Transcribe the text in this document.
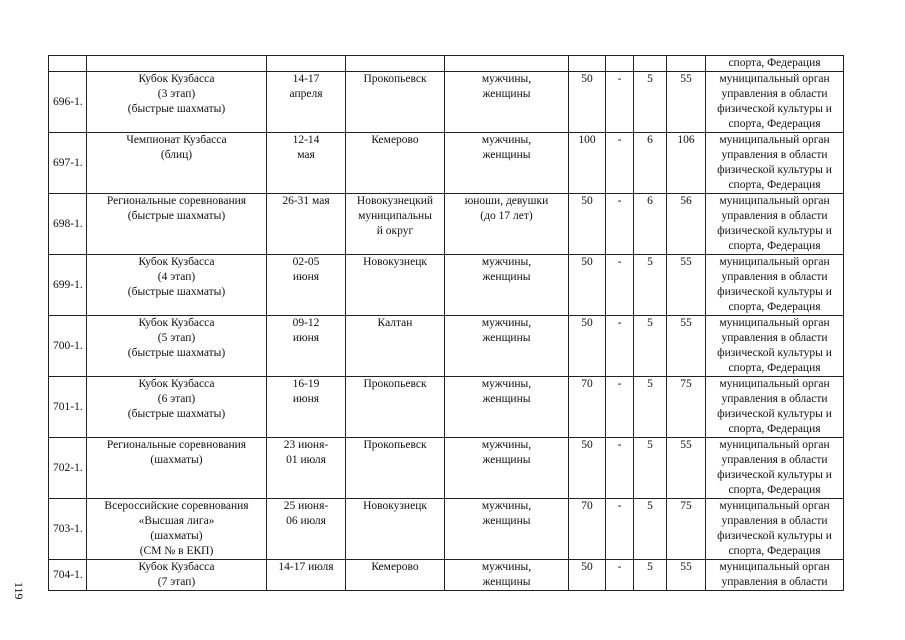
									спорта, Федерация
696-1.	Кубок Кузбасса
(3 этап)
(быстрые шахматы)	14-17
апреля	Прокопьевск	мужчины,
женщины	50	-	5	55	муниципальный орган
управления в области
физической культуры и
спорта, Федерация
697-1.	Чемпионат Кузбасса
(блиц)	12-14
мая	Кемерово	мужчины,
женщины	100	-	6	106	муниципальный орган
управления в области
физической культуры и
спорта, Федерация
698-1.	Региональные соревнования
(быстрые шахматы)	26-31 мая	Новокузнецкий
муниципальны
й округ	юноши, девушки
(до 17 лет)	50	-	6	56	муниципальный орган
управления в области
физической культуры и
спорта, Федерация
699-1.	Кубок Кузбасса
(4 этап)
(быстрые шахматы)	02-05
июня	Новокузнецк	мужчины,
женщины	50	-	5	55	муниципальный орган
управления в области
физической культуры и
спорта, Федерация
700-1.	Кубок Кузбасса
(5 этап)
(быстрые шахматы)	09-12
июня	Калтан	мужчины,
женщины	50	-	5	55	муниципальный орган
управления в области
физической культуры и
спорта, Федерация
701-1.	Кубок Кузбасса
(6 этап)
(быстрые шахматы)	16-19
июня	Прокопьевск	мужчины,
женщины	70	-	5	75	муниципальный орган
управления в области
физической культуры и
спорта, Федерация
702-1.	Региональные соревнования
(шахматы)	23 июня-
01 июля	Прокопьевск	мужчины,
женщины	50	-	5	55	муниципальный орган
управления в области
физической культуры и
спорта, Федерация
703-1.	Всероссийские соревнования
«Высшая лига»
(шахматы)
(СМ № в ЕКП)	25 июня-
06 июля	Новокузнецк	мужчины,
женщины	70	-	5	75	муниципальный орган
управления в области
физической культуры и
спорта, Федерация
704-1.	Кубок Кузбасса
(7 этап)	14-17 июля	Кемерово	мужчины,
женщины	50	-	5	55	муниципальный орган
управления в области
119
